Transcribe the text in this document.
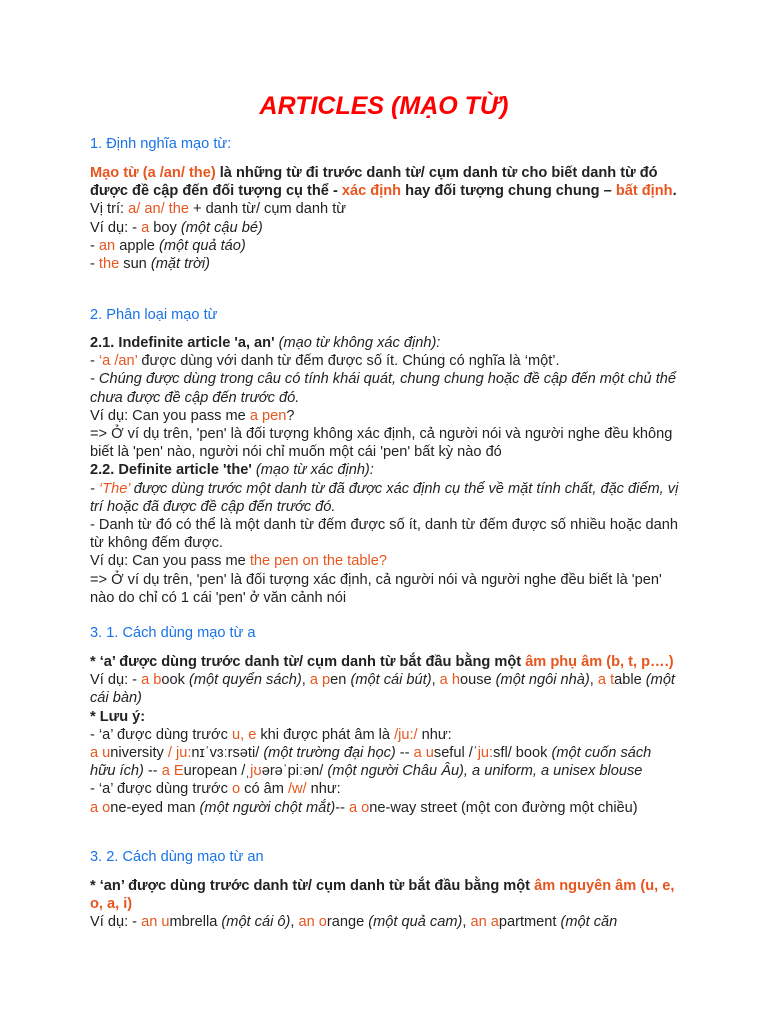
ARTICLES (MẠO TỪ)
1. Định nghĩa mạo từ:
Mạo từ (a /an/ the) là những từ đi trước danh từ/ cụm danh từ cho biết danh từ đó được đề cập đến đối tượng cụ thể - xác định hay đối tượng chung chung – bất định.
Vị trí: a/ an/ the + danh từ/ cụm danh từ
Ví dụ: - a boy (một cậu bé)
- an apple (một quả táo)
- the sun (mặt trời)
2. Phân loại mạo từ
2.1. Indefinite article 'a, an' (mạo từ không xác định):
- ‘a /an’ được dùng với danh từ đếm được số ít. Chúng có nghĩa là ‘một’.
- Chúng được dùng trong câu có tính khái quát, chung chung hoặc đề cập đến một chủ thể chưa được đề cập đến trước đó.
Ví dụ: Can you pass me a pen?
=> Ở ví dụ trên, 'pen' là đối tượng không xác định, cả người nói và người nghe đều không biết là 'pen' nào, người nói chỉ muốn một cái 'pen' bất kỳ nào đó
2.2. Definite article 'the' (mạo từ xác định):
- ‘The’ được dùng trước một danh từ đã được xác định cụ thể về mặt tính chất, đặc điểm, vị trí hoặc đã được đề cập đến trước đó.
- Danh từ đó có thể là một danh từ đếm được số ít, danh từ đếm được số nhiều hoặc danh từ không đếm được.
Ví dụ: Can you pass me the pen on the table?
=> Ở ví dụ trên, 'pen' là đối tượng xác định, cả người nói và người nghe đều biết là 'pen' nào do chỉ có 1 cái 'pen' ở văn cảnh nói
3. 1. Cách dùng mạo từ a
* ‘a’ được dùng trước danh từ/ cụm danh từ bắt đầu bằng một âm phụ âm (b, t, p….)
Ví dụ: - a book (một quyển sách), a pen (một cái bút), a house (một ngôi nhà), a table (một cái bàn)
* Lưu ý:
- ‘a’ được dùng trước u, e khi được phát âm là /ju:/ như:
a university / ju:nɪˈvɜːrsəti/ (một trường đại học) -- a useful /ˈju:sfl/ book (một cuốn sách hữu ích) -- a European /ˌjʊərəˈpiːən/ (một người Châu Âu), a uniform, a unisex blouse
- ‘a’ được dùng trước o có âm /w/ như:
a one-eyed man (một người chột mắt)-- a one-way street (một con đường một chiều)
3. 2. Cách dùng mạo từ an
* ‘an’ được dùng trước danh từ/ cụm danh từ bắt đầu bằng một âm nguyên âm (u, e, o, a, i)
Ví dụ: - an umbrella (một cái ô), an orange (một quả cam), an apartment (một căn
